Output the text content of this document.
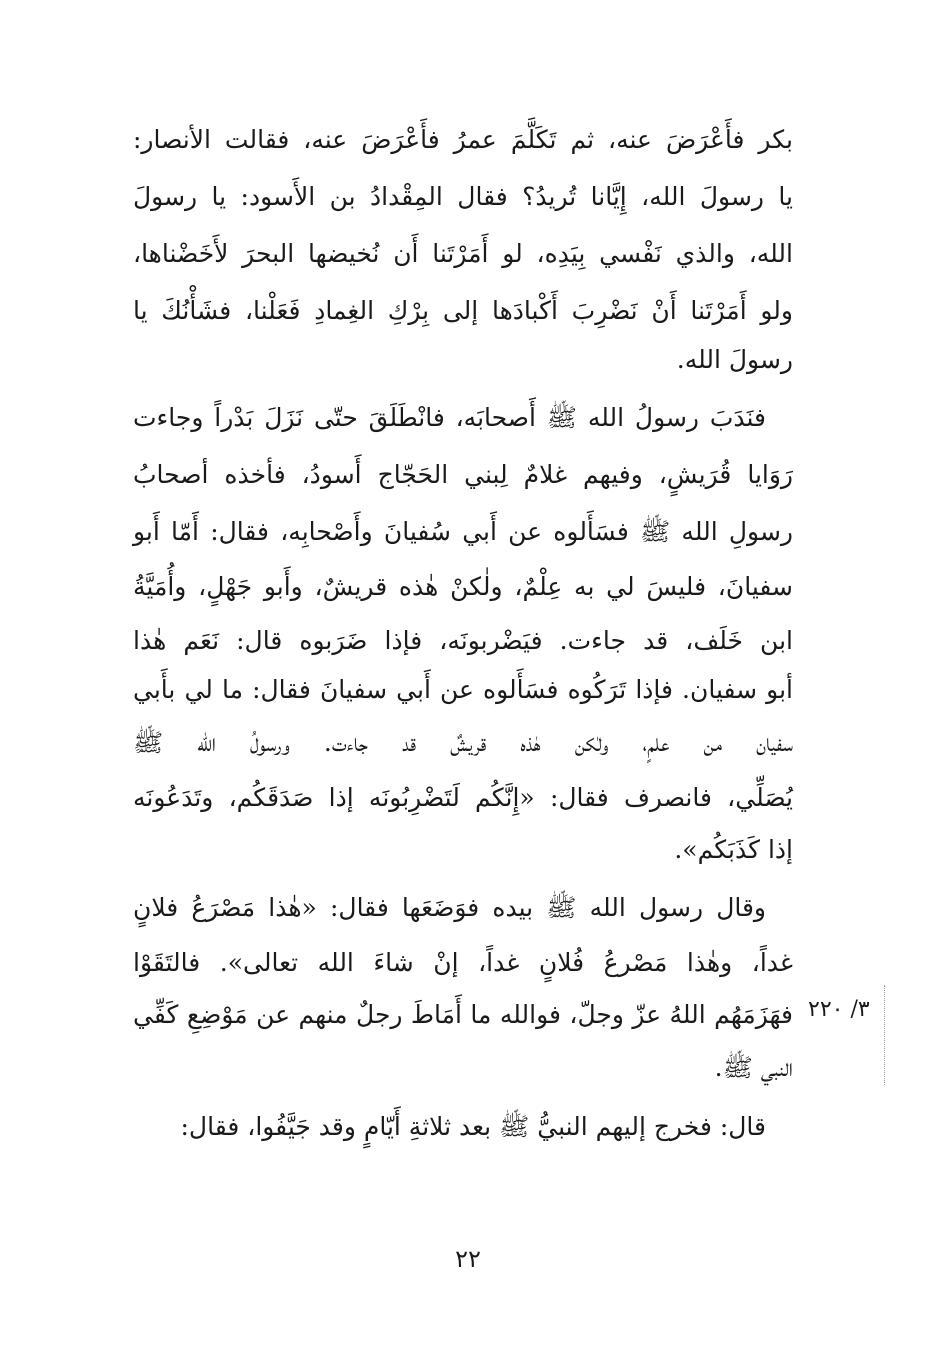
بكر فأَعْرَضَ عنه، ثم تَكَلَّمَ عمرُ فأَعْرَضَ عنه، فقالت الأنصار:
يا رسولَ الله، إِيَّانا تُريدُ؟ فقال المِقْدادُ بن الأَسود: يا رسولَ
الله، والذي نَفْسي بِيَدِه، لو أَمَرْتَنا أَن نُخيضها البحرَ لأَخَضْناها،
ولو أَمَرْتَنا أَنْ نَضْرِبَ أَكْبادَها إلى بِرْكِ الغِمادِ فَعَلْنا، فشَأْنُكَ يا
رسولَ الله.
فنَدَبَ رسولُ الله ﷺ أَصحابَه، فانْطَلَقَ حتّى نَزَلَ بَدْراً وجاءت
رَوَايا قُرَيشٍ، وفيهم غلامٌ لِبني الحَجّاج أَسودُ، فأخذه أصحابُ
رسولِ الله ﷺ فسَأَلوه عن أَبي سُفيانَ وأَصْحابِه، فقال: أَمّا أَبو
سفيانَ، فليسَ لي به عِلْمٌ، ولٰكنْ هٰذه قريشٌ، وأَبو جَهْلٍ، وأُمَيَّةُ
ابن خَلَف، قد جاءت. فيَضْربونَه، فإذا ضَرَبوه قال: نَعَم هٰذا
أبو سفيان. فإذا تَرَكُوه فسَأَلوه عن أَبي سفيانَ فقال: ما لي بأَبي
سفيان من علمٍ، ولٰكن هٰذه قريشٌ قد جاءت. ورسولُ الله ﷺ
يُصَلِّي، فانصرف فقال: «إِنَّكُم لَتَضْرِبُونَه إذا صَدَقَكُم، وتَدَعُونَه
إذا كَذَبَكُم».
وقال رسول الله ﷺ بيده فوَضَعَها فقال: «هٰذا مَصْرَعُ فلانٍ
غداً، وهٰذا مَصْرعُ فُلانٍ غداً، إنْ شاءَ الله تعالى». فالتَقَوْا
فهَزَمَهُم اللهُ عزّ وجلّ، فوالله ما أَمَاطَ رجلٌ منهم عن مَوْضِعِ كَفِّي
النبي ﷺ.
قال: فخرج إليهم النبيُّ ﷺ بعد ثلاثةِ أَيّامٍ وقد جَيَّفُوا، فقال:
٣/ ٢٢٠
٢٢
